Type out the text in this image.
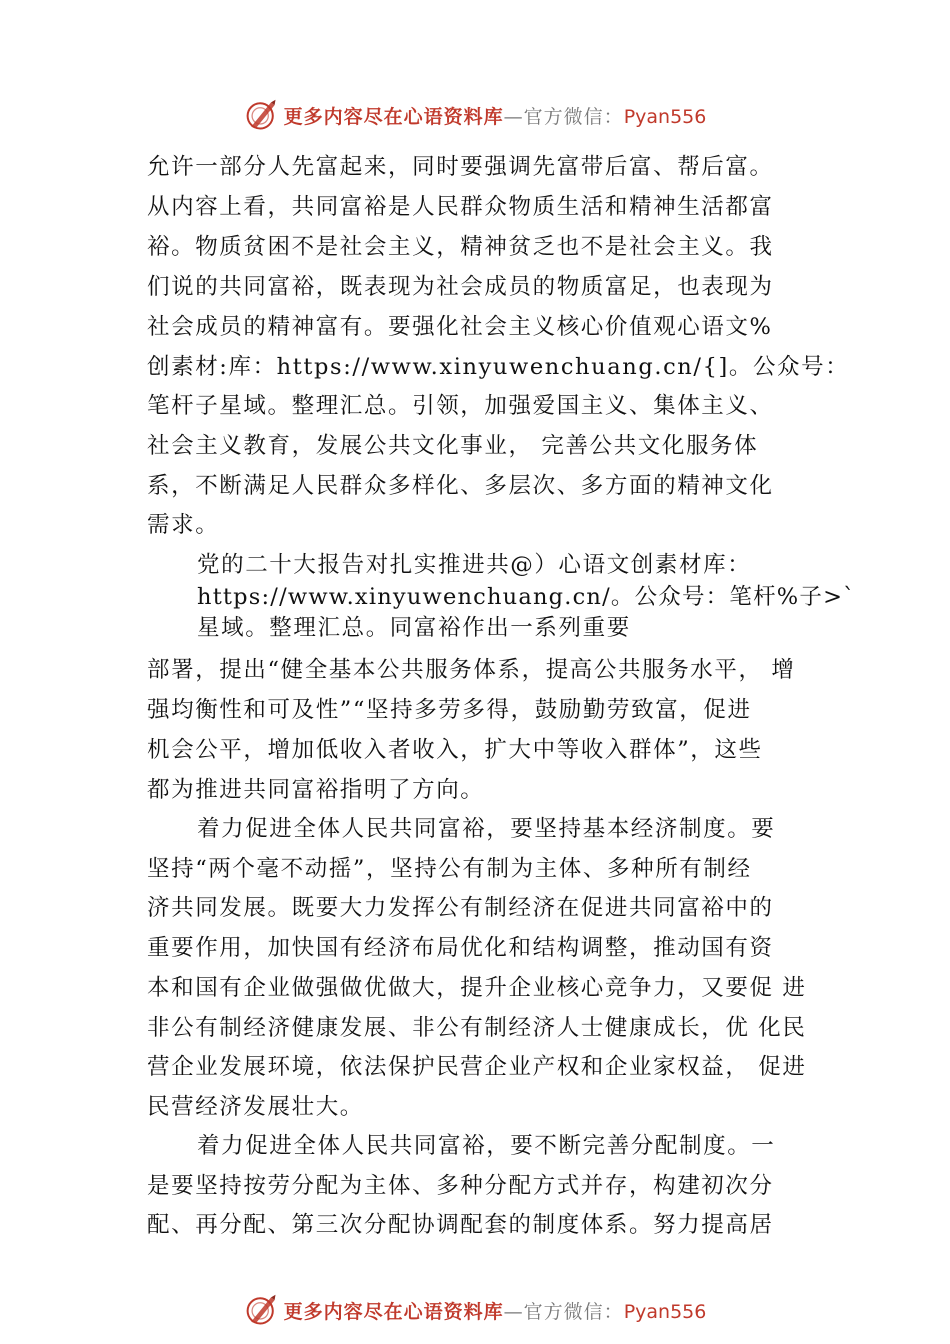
更多内容尽在心语资料库—官方微信：Pyan556
允许一部分人先富起来，同时要强调先富带后富、帮后富。
从内容上看，共同富裕是人民群众物质生活和精神生活都富
裕。物质贫困不是社会主义，精神贫乏也不是社会主义。我
们说的共同富裕，既表现为社会成员的物质富足，也表现为
社会成员的精神富有。要强化社会主义核心价值观心语文%
创素材:库：https://www.xinyuwenchuang.cn/{]。公众号：
笔杆子星域。整理汇总。引领，加强爱国主义、集体主义、
社会主义教育，发展公共文化事业， 完善公共文化服务体
系，不断满足人民群众多样化、多层次、多方面的精神文化
需求。
党的二十大报告对扎实推进共@）心语文创素材库：
https://www.xinyuwenchuang.cn/。公众号：笔杆%子>`
星域。整理汇总。同富裕作出一系列重要
部署，提出“健全基本公共服务体系，提高公共服务水平， 增
强均衡性和可及性”“坚持多劳多得，鼓励勤劳致富，促进
机会公平，增加低收入者收入，扩大中等收入群体”，这些
都为推进共同富裕指明了方向。
着力促进全体人民共同富裕，要坚持基本经济制度。要
坚持“两个毫不动摇”，坚持公有制为主体、多种所有制经
济共同发展。既要大力发挥公有制经济在促进共同富裕中的
重要作用，加快国有经济布局优化和结构调整，推动国有资
本和国有企业做强做优做大，提升企业核心竞争力，又要促 进
非公有制经济健康发展、非公有制经济人士健康成长，优 化民
营企业发展环境，依法保护民营企业产权和企业家权益， 促进
民营经济发展壮大。
着力促进全体人民共同富裕，要不断完善分配制度。一
是要坚持按劳分配为主体、多种分配方式并存，构建初次分
配、再分配、第三次分配协调配套的制度体系。努力提高居
更多内容尽在心语资料库—官方微信：Pyan556
